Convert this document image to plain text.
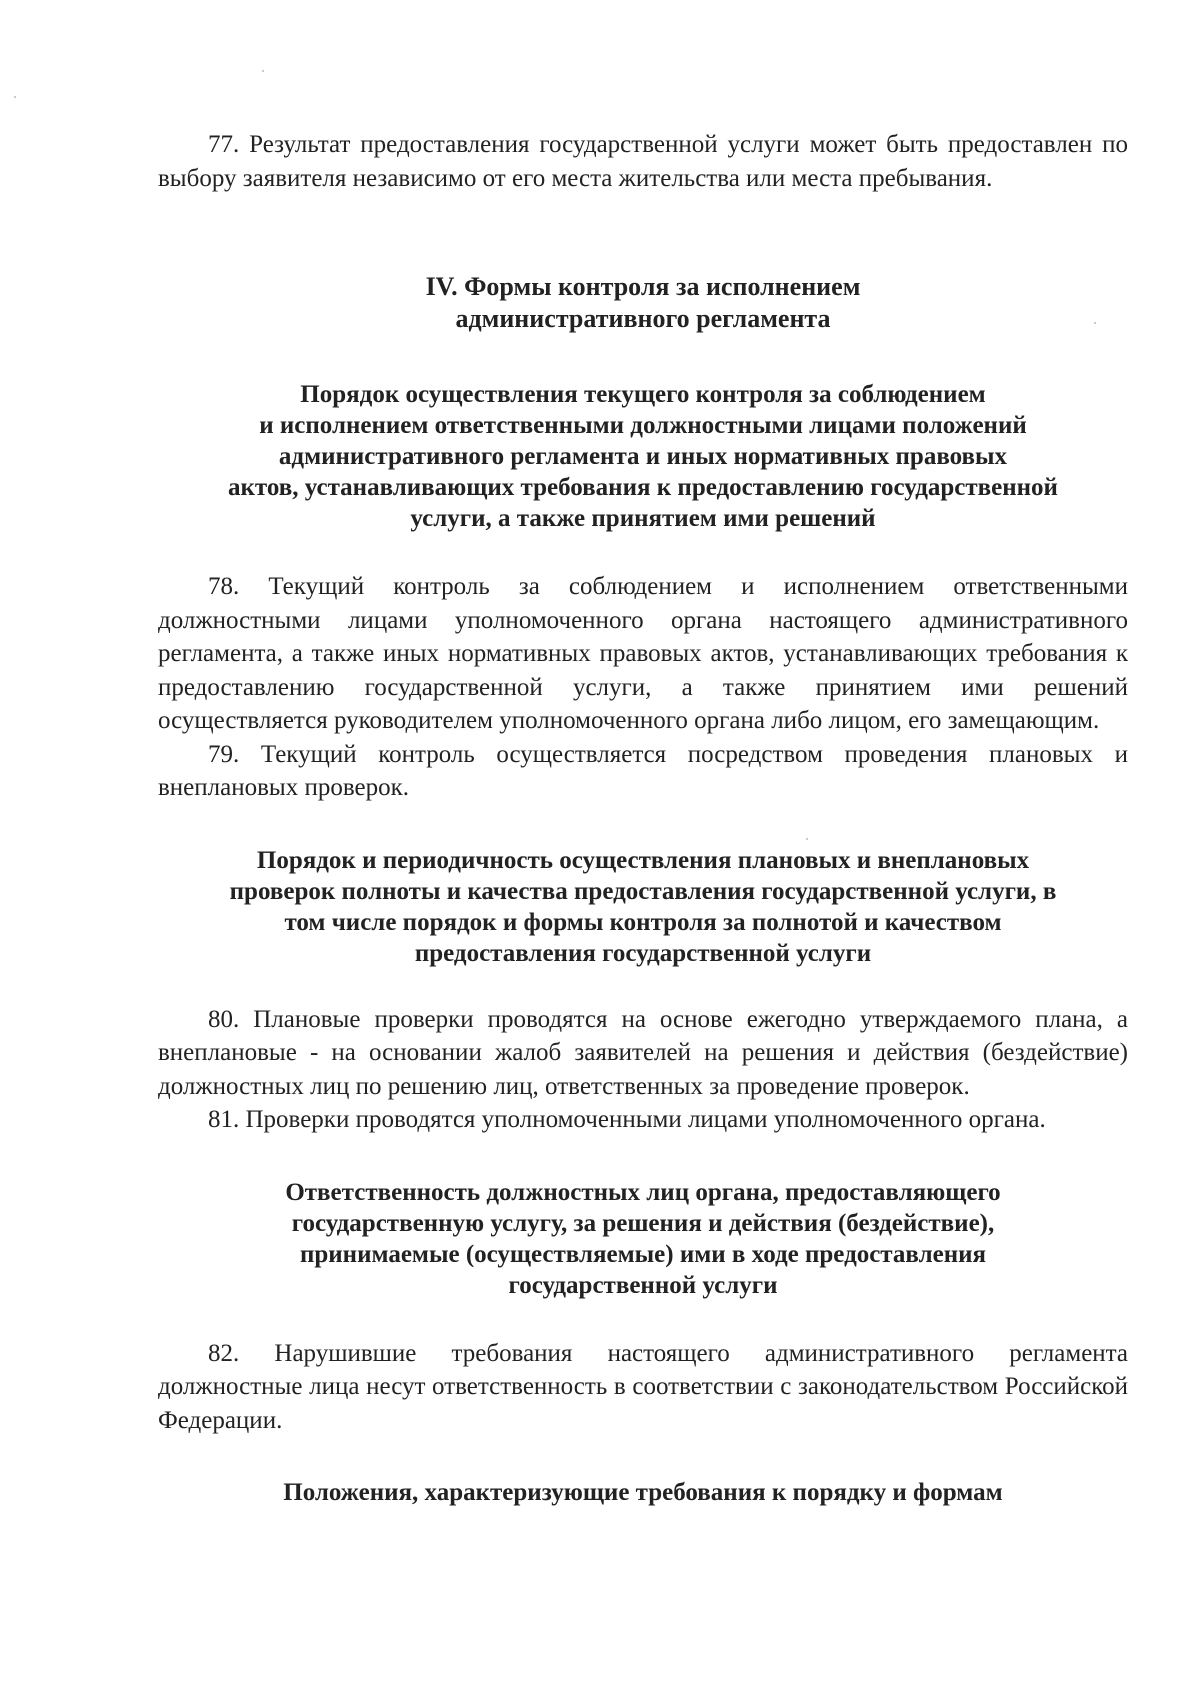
77. Результат предоставления государственной услуги может быть предоставлен по выбору заявителя независимо от его места жительства или места пребывания.

IV. Формы контроля за исполнением
административного регламента
Порядок осуществления текущего контроля за соблюдением
и исполнением ответственными должностными лицами положений
административного регламента и иных нормативных правовых
актов, устанавливающих требования к предоставлению государственной
услуги, а также принятием ими решений

78. Текущий контроль за соблюдением и исполнением ответственными должностными лицами уполномоченного органа настоящего административного регламента, а также иных нормативных правовых актов, устанавливающих требования к предоставлению государственной услуги, а также принятием ими решений осуществляется руководителем уполномоченного органа либо лицом, его замещающим.

79. Текущий контроль осуществляется посредством проведения плановых и внеплановых проверок.

Порядок и периодичность осуществления плановых и внеплановых
проверок полноты и качества предоставления государственной услуги, в
том числе порядок и формы контроля за полнотой и качеством
предоставления государственной услуги

80. Плановые проверки проводятся на основе ежегодно утверждаемого плана, а внеплановые - на основании жалоб заявителей на решения и действия (бездействие) должностных лиц по решению лиц, ответственных за проведение проверок.

81. Проверки проводятся уполномоченными лицами уполномоченного органа.

Ответственность должностных лиц органа, предоставляющего
государственную услугу, за решения и действия (бездействие),
принимаемые (осуществляемые) ими в ходе предоставления
государственной услуги

82. Нарушившие требования настоящего административного регламента должностные лица несут ответственность в соответствии с законодательством Российской Федерации.

Положения, характеризующие требования к порядку и формам
